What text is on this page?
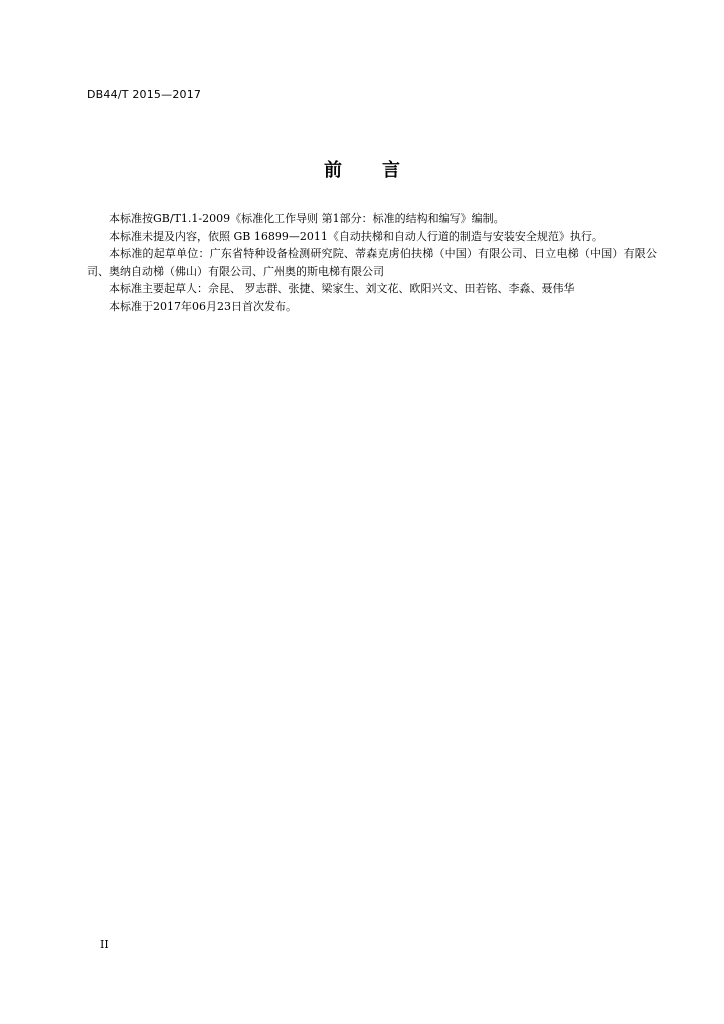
DB44/T 2015—2017
前 言

本标准按GB/T1.1-2009《标准化工作导则 第1部分：标准的结构和编写》编制。

本标准未提及内容，依照 GB 16899—2011《自动扶梯和自动人行道的制造与安装安全规范》执行。

本标准的起草单位：广东省特种设备检测研究院、蒂森克虏伯扶梯（中国）有限公司、日立电梯（中国）有限公司、奥纳自动梯（佛山）有限公司、广州奥的斯电梯有限公司

本标准主要起草人：佘昆、 罗志群、张捷、梁家生、刘文花、欧阳兴文、田若铭、李淼、聂伟华

本标准于2017年06月23日首次发布。

II
